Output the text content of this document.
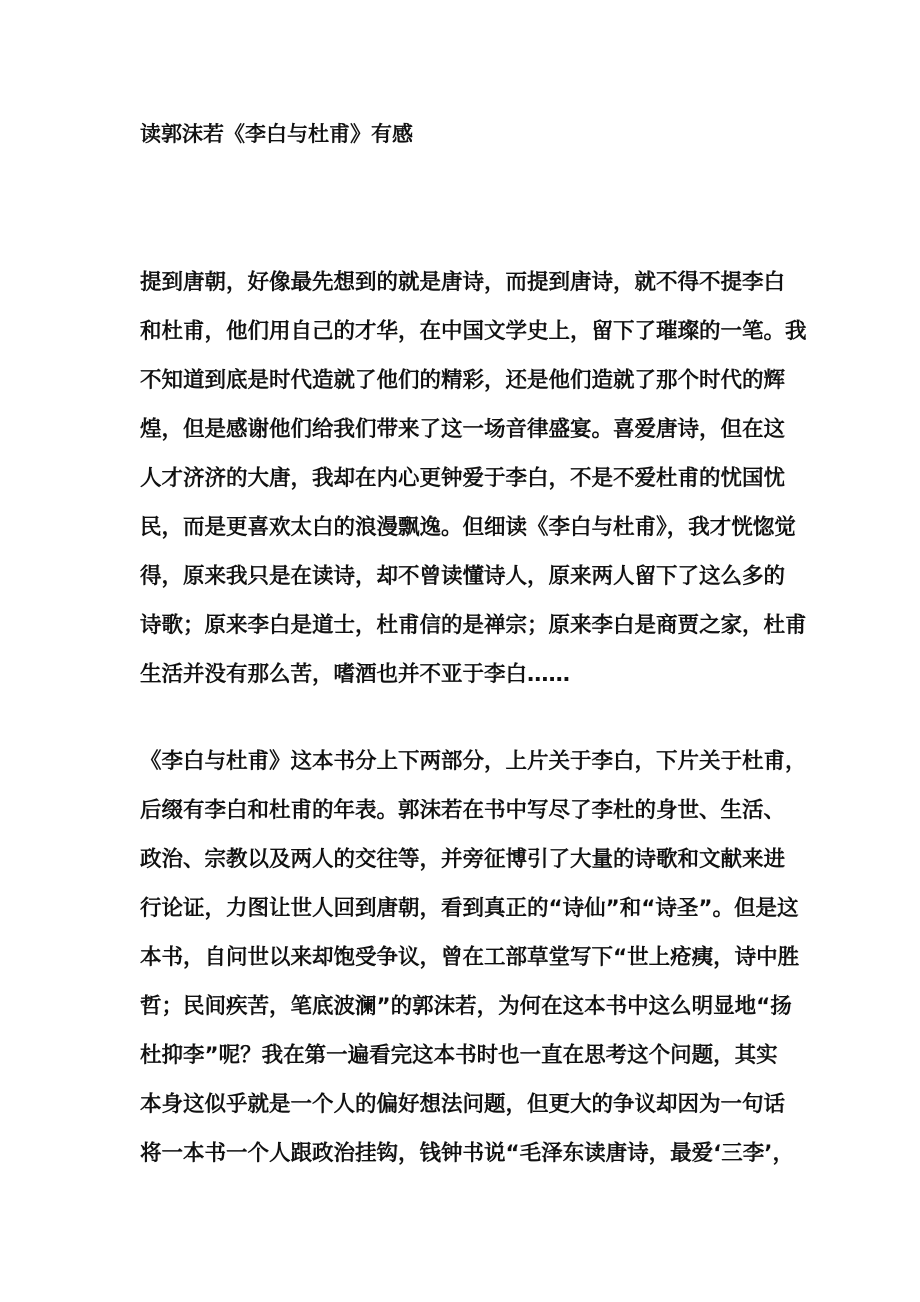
读郭沫若《李白与杜甫》有感
提到唐朝，好像最先想到的就是唐诗，而提到唐诗，就不得不提李白
和杜甫，他们用自己的才华，在中国文学史上，留下了璀璨的一笔。我
不知道到底是时代造就了他们的精彩，还是他们造就了那个时代的辉
煌，但是感谢他们给我们带来了这一场音律盛宴。喜爱唐诗，但在这
人才济济的大唐，我却在内心更钟爱于李白，不是不爱杜甫的忧国忧
民，而是更喜欢太白的浪漫飘逸。但细读《李白与杜甫》，我才恍惚觉
得，原来我只是在读诗，却不曾读懂诗人，原来两人留下了这么多的
诗歌；原来李白是道士，杜甫信的是禅宗；原来李白是商贾之家，杜甫
生活并没有那么苦，嗜酒也并不亚于李白……
《李白与杜甫》这本书分上下两部分，上片关于李白，下片关于杜甫，
后缀有李白和杜甫的年表。郭沫若在书中写尽了李杜的身世、生活、
政治、宗教以及两人的交往等，并旁征博引了大量的诗歌和文献来进
行论证，力图让世人回到唐朝，看到真正的“诗仙”和“诗圣”。但是这
本书，自问世以来却饱受争议，曾在工部草堂写下“世上疮痍，诗中胜
哲；民间疾苦，笔底波澜”的郭沫若，为何在这本书中这么明显地“扬
杜抑李”呢？我在第一遍看完这本书时也一直在思考这个问题，其实
本身这似乎就是一个人的偏好想法问题，但更大的争议却因为一句话
将一本书一个人跟政治挂钩，钱钟书说“毛泽东读唐诗，最爱‘三李’，
